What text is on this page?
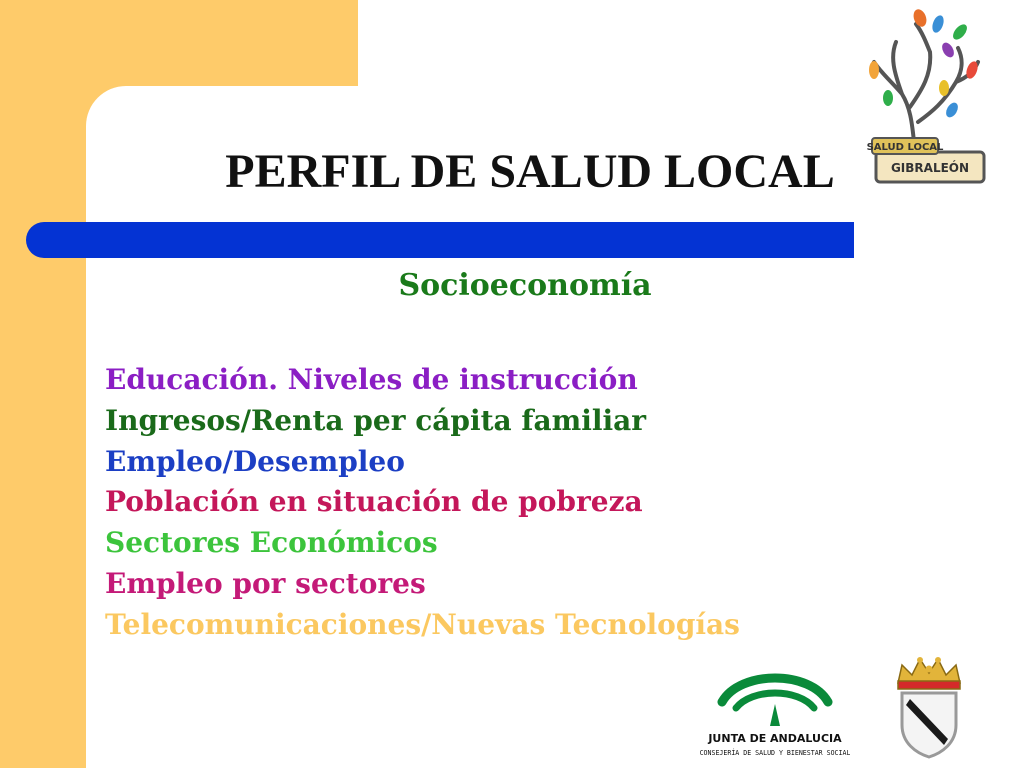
PERFIL DE SALUD LOCAL
Socioeconomía
Educación. Niveles de instrucción
Ingresos/Renta per cápita familiar
Empleo/Desempleo
Población en situación de pobreza
Sectores Económicos
Empleo por sectores
Telecomunicaciones/Nuevas Tecnologías
SALUD LOCAL
GIBRALEÓN
JUNTA DE ANDALUCIA
CONSEJERÍA DE SALUD Y BIENESTAR SOCIAL
